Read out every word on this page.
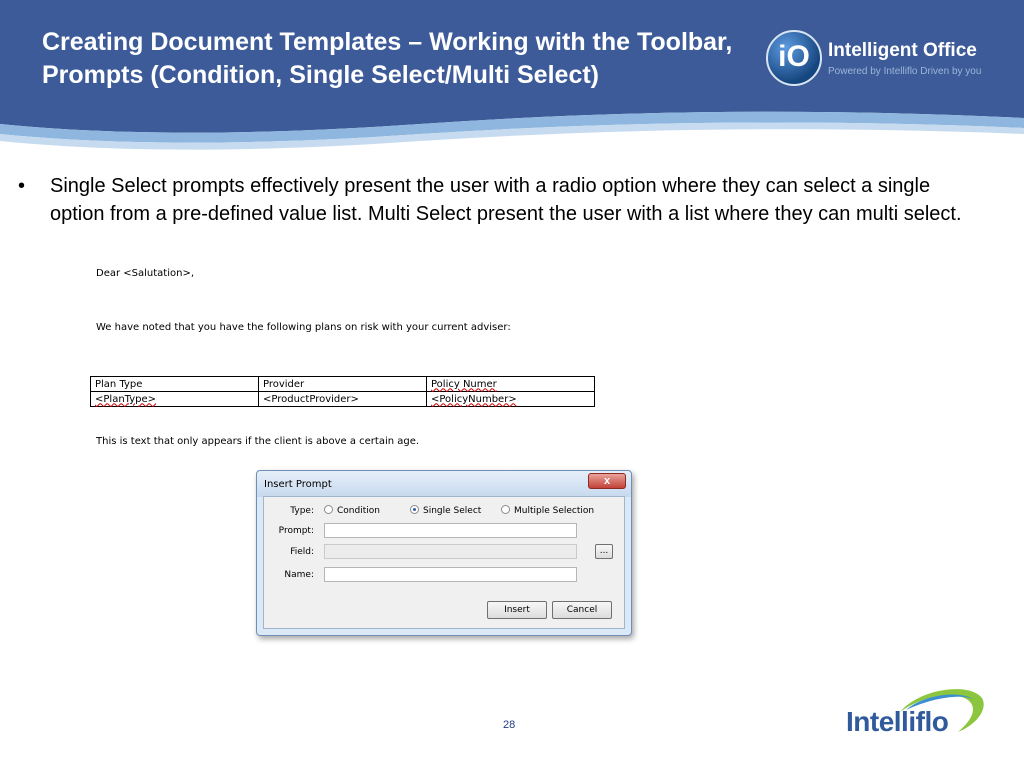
Creating Document Templates – Working with the Toolbar, Prompts (Condition, Single Select/Multi Select)
iO Intelligent Office
Powered by Intelliflo Driven by you
• Single Select prompts effectively present the user with a radio option where they can select a single option from a pre-defined value list. Multi Select present the user with a list where they can multi select.
Dear <Salutation>,
We have noted that you have the following plans on risk with your current adviser:
Plan Type	Provider	Policy Numer
<PlanType>	<ProductProvider>	<PolicyNumber>
This is text that only appears if the client is above a certain age.
Insert Prompt	x
Type:	Condition	Single Select	Multiple Selection
Prompt:
Field:	...
Name:
Insert	Cancel
28	Intelliflo
